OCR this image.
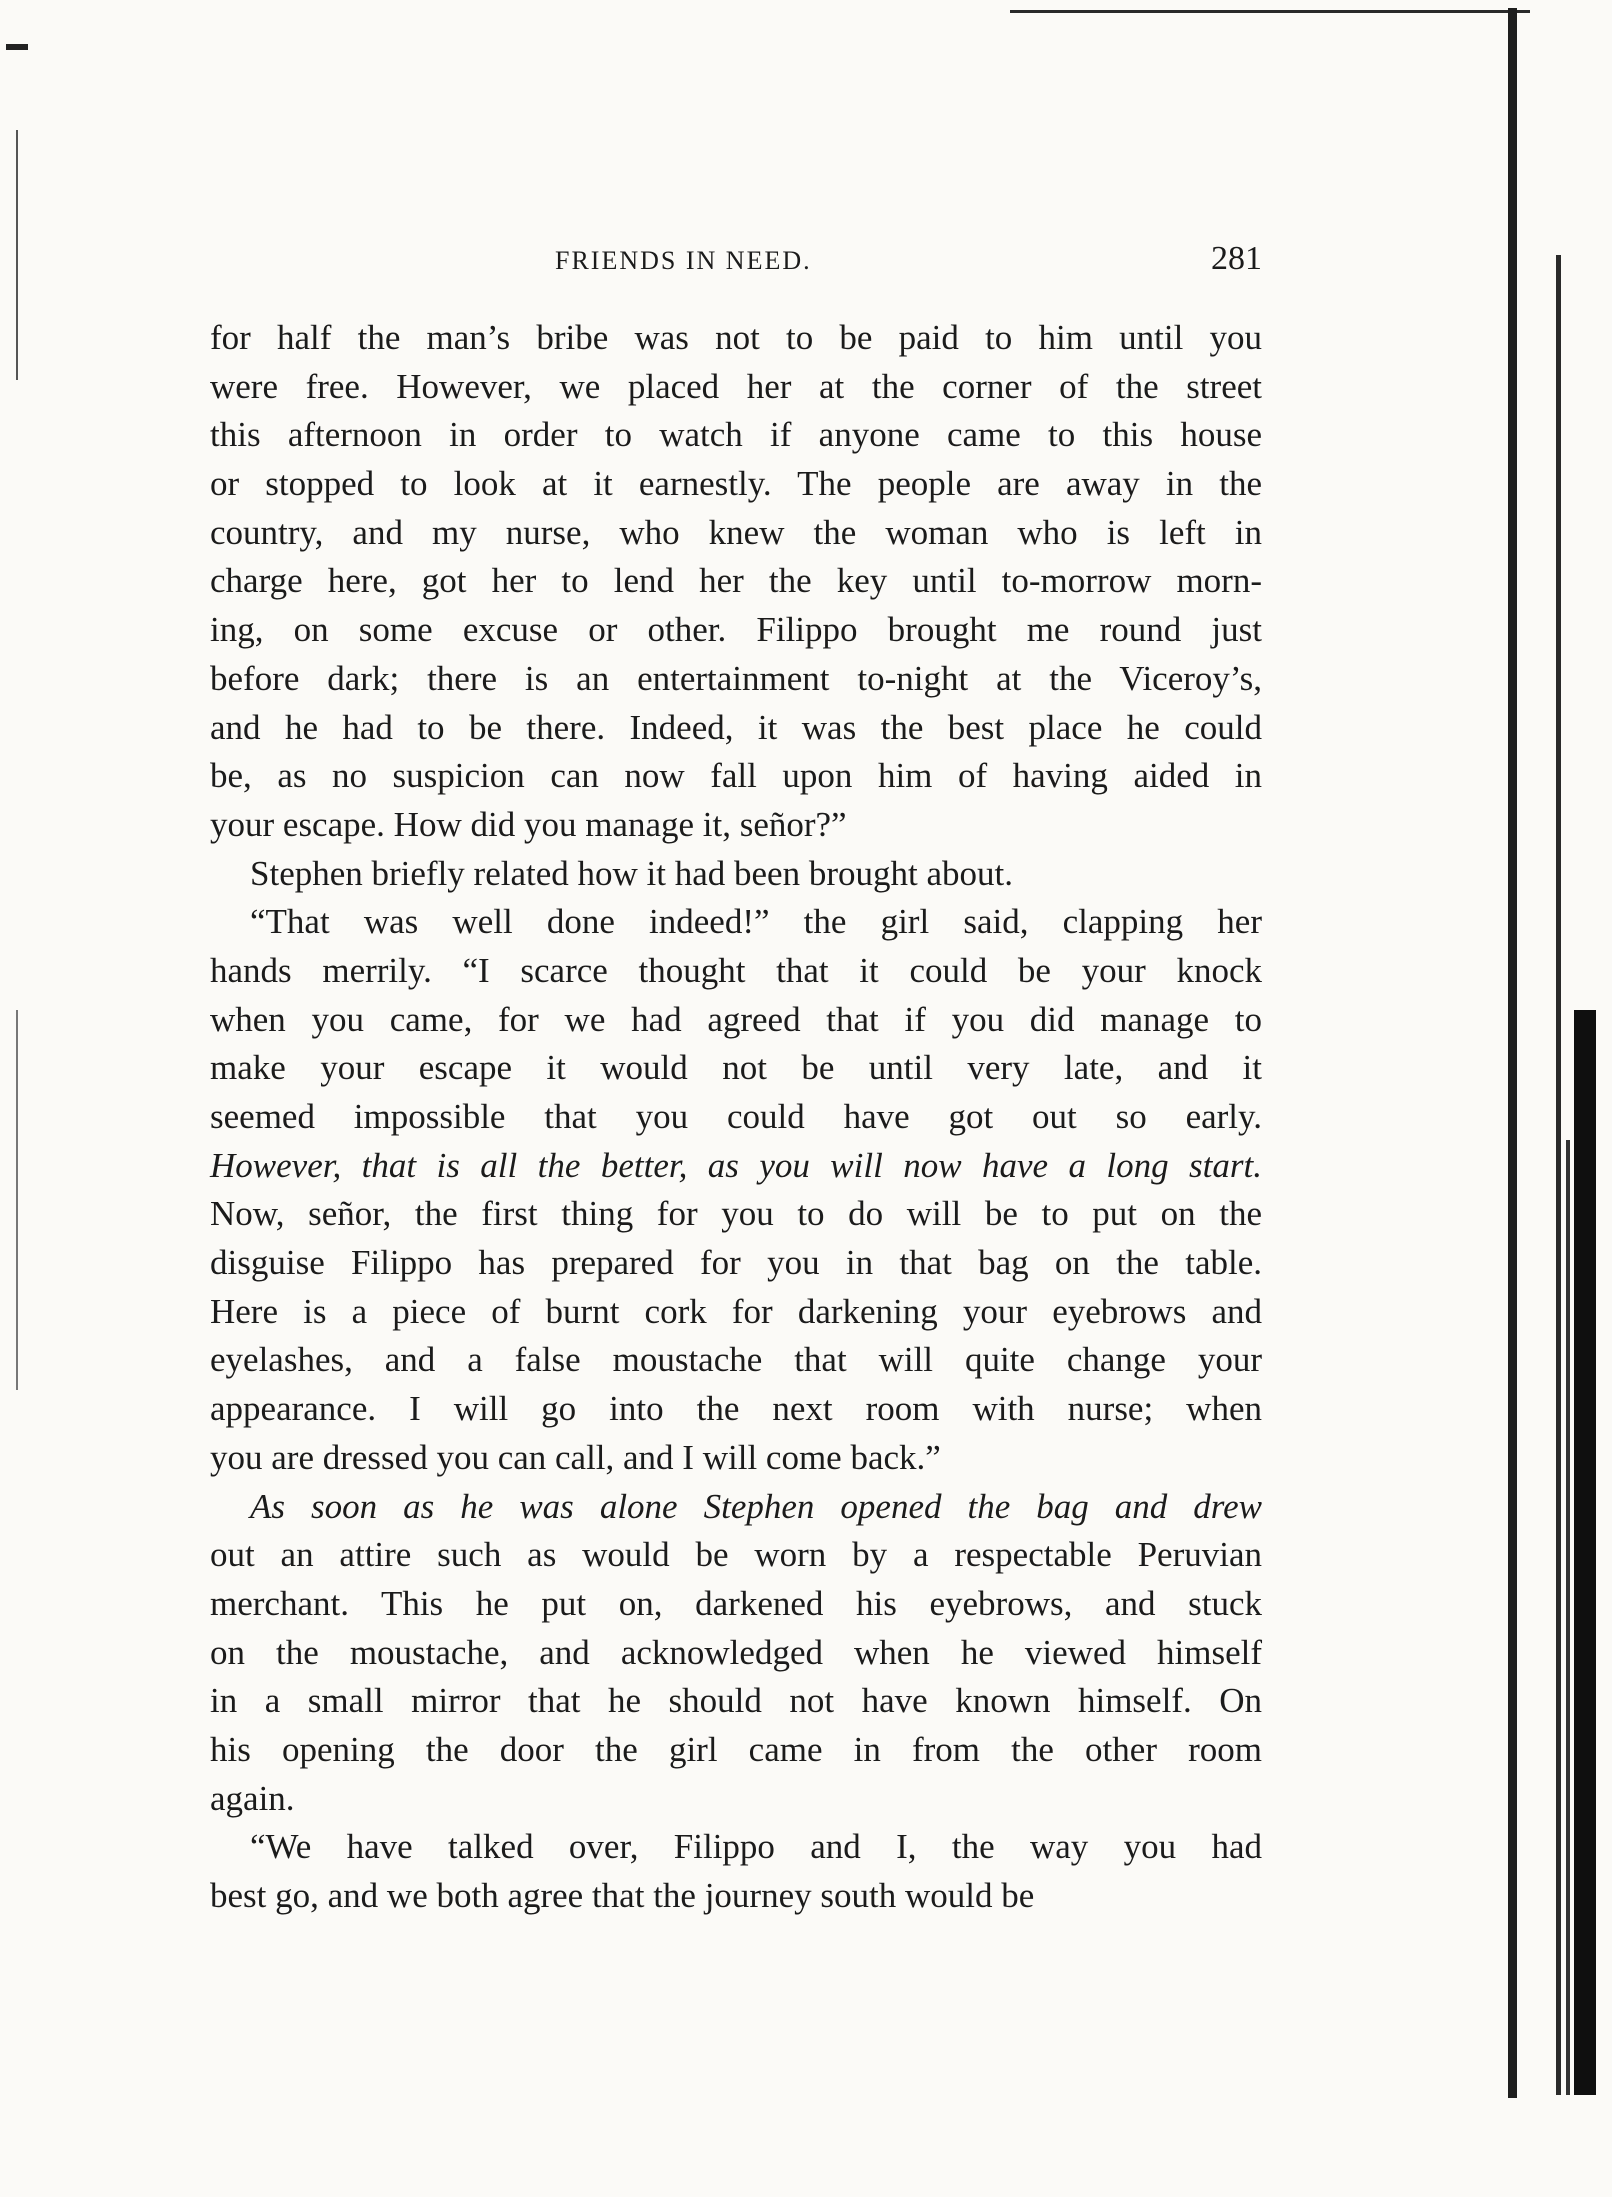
FRIENDS IN NEED.	281
for half the man’s bribe was not to be paid to him until you
were free. However, we placed her at the corner of the street
this afternoon in order to watch if anyone came to this house
or stopped to look at it earnestly. The people are away in the
country, and my nurse, who knew the woman who is left in
charge here, got her to lend her the key until to-morrow morn-
ing, on some excuse or other. Filippo brought me round just
before dark; there is an entertainment to-night at the Viceroy’s,
and he had to be there. Indeed, it was the best place he could
be, as no suspicion can now fall upon him of having aided in
your escape. How did you manage it, señor?”
Stephen briefly related how it had been brought about.
“That was well done indeed!” the girl said, clapping her
hands merrily. “I scarce thought that it could be your knock
when you came, for we had agreed that if you did manage to
make your escape it would not be until very late, and it
seemed impossible that you could have got out so early.
However, that is all the better, as you will now have a long start.
Now, señor, the first thing for you to do will be to put on the
disguise Filippo has prepared for you in that bag on the table.
Here is a piece of burnt cork for darkening your eyebrows and
eyelashes, and a false moustache that will quite change your
appearance. I will go into the next room with nurse; when
you are dressed you can call, and I will come back.”
As soon as he was alone Stephen opened the bag and drew
out an attire such as would be worn by a respectable Peruvian
merchant. This he put on, darkened his eyebrows, and stuck
on the moustache, and acknowledged when he viewed himself
in a small mirror that he should not have known himself. On
his opening the door the girl came in from the other room
again.
“We have talked over, Filippo and I, the way you had
best go, and we both agree that the journey south would be
